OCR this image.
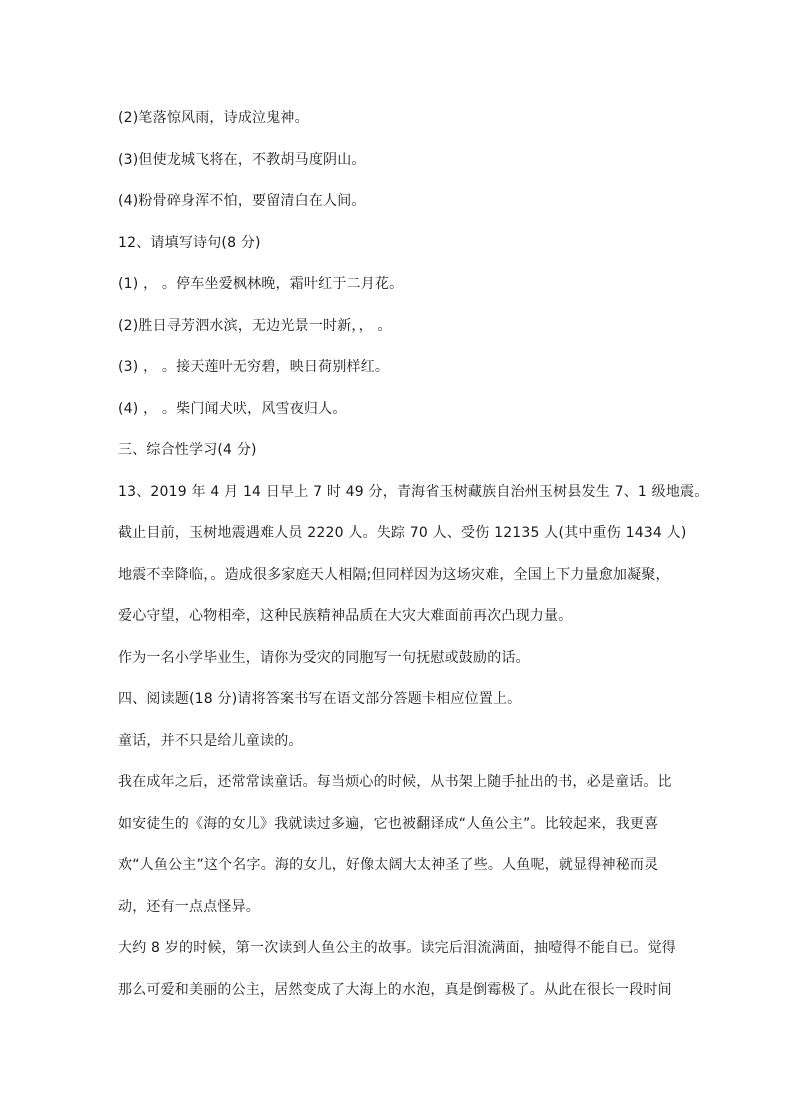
(2)笔落惊风雨，诗成泣鬼神。
(3)但使龙城飞将在，不教胡马度阴山。
(4)粉骨碎身浑不怕，要留清白在人间。
12、请填写诗句(8 分)
(1) ， 。停车坐爱枫林晚，霜叶红于二月花。
(2)胜日寻芳泗水滨，无边光景一时新，， 。
(3) ， 。接天莲叶无穷碧，映日荷别样红。
(4) ， 。柴门闻犬吠，风雪夜归人。
三、综合性学习(4 分)
13、2019 年 4 月 14 日早上 7 时 49 分，青海省玉树藏族自治州玉树县发生 7、1 级地震。
截止目前，玉树地震遇难人员 2220 人。失踪 70 人、受伤 12135 人(其中重伤 1434 人)
地震不幸降临，。造成很多家庭天人相隔;但同样因为这场灾难，全国上下力量愈加凝聚，
爱心守望，心物相牵，这种民族精神品质在大灾大难面前再次凸现力量。
作为一名小学毕业生，请你为受灾的同胞写一句抚慰或鼓励的话。
四、阅读题(18 分)请将答案书写在语文部分答题卡相应位置上。
童话，并不只是给儿童读的。
我在成年之后，还常常读童话。每当烦心的时候，从书架上随手扯出的书，必是童话。比
如安徒生的《海的女儿》我就读过多遍，它也被翻译成“人鱼公主”。比较起来，我更喜
欢“人鱼公主”这个名字。海的女儿，好像太阔大太神圣了些。人鱼呢，就显得神秘而灵
动，还有一点点怪异。
大约 8 岁的时候，第一次读到人鱼公主的故事。读完后泪流满面，抽噎得不能自已。觉得
那么可爱和美丽的公主，居然变成了大海上的水泡，真是倒霉极了。从此在很长一段时间
